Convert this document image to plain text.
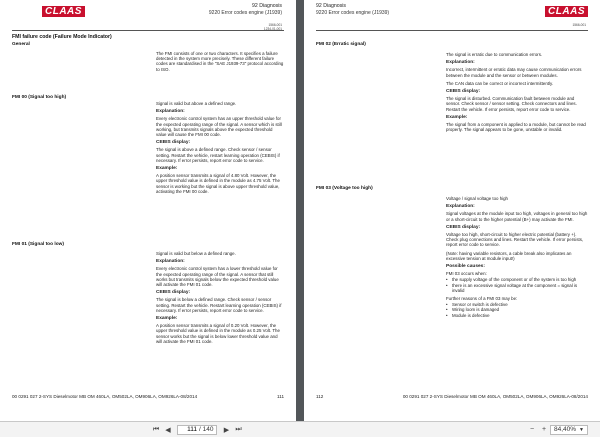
CLAAS	92 Diagnosis
9220 Error codes engine (J1939)
1566-001
1234-01-001
FMI failure code (Failure Mode Indicator)
General

The FMI consists of one or two characters. It specifies a failure detected in the system more precisely. These different failure codes are standardised in the "SAE J1939-73" protocol according to ISO.

FMI 00 (Signal too high)

Signal is valid but above a defined range.

Explanation:

Every electronic control system has an upper threshold value for the expected operating range of the signal. A sensor which is still working, but transmits signals above the expected threshold value will cause the FMI 00 code.

CEBIS display:

The signal is above a defined range. Check sensor / sensor setting. Restart the vehicle, restart learning operation (CEBIS) if necessary. If error persists, report error code to service.

Example:

A position sensor transmits a signal of 4.80 Volt. However, the upper threshold value is defined in the module as 4.75 Volt. The sensor is working but the signal is above upper threshold value, activating the FMI 00 code.

FMI 01 (Signal too low)

Signal is valid but below a defined range.

Explanation:

Every electronic control system has a lower threshold value for the expected operating range of the signal. A sensor that still works but transmits signals below the expected threshold value will activate the FMI 01 code.

CEBIS display:

The signal is below a defined range. Check sensor / sensor setting. Restart the vehicle. Restart learning operation (CEBIS) if necessary. If error persists, report error code to service.

Example:

A position sensor transmits a signal of 0.20 Volt. However, the upper threshold value is defined in the module as 0.25 Volt. The sensor works but the signal is below lower threshold value and will activate the FMI 01 code.

00 0291 027 2-SYS Dieselmotor MB OM 460LA, OM502LA, OM906LA, OM926LA-08/2014	111
92 Diagnosis
9220 Error codes engine (J1939)	CLAAS
1566-001
FMI 02 (Erratic signal)

The signal is erratic due to communication errors.

Explanation:

Incorrect, intermittent or erratic data may cause communication errors between the module and the sensor or between modules.

The CAN data can be correct or incorrect intermittently.

CEBIS display:

The signal is disturbed. Communication fault between module and sensor. Check sensor / sensor setting. Check connectors and lines. Restart the vehicle. If error persists, report error code to service.

Example:

The signal from a component is applied to a module, but cannot be read properly. The signal appears to be gone, unstable or invalid.

FMI 03 (Voltage too high)

Voltage / signal voltage too high

Explanation:

Signal voltages at the module input too high, voltages in general too high or a short-circuit to the higher potential (B+) may activate the FMI.

CEBIS display:

Voltage too high, short-circuit to higher electric potential (battery +). Check plug connections and lines. Restart the vehicle. If error persists, report error code to service.

(Note: having variable resistors, a cable break also implicates an excessive tension at module input!)

Possible causes:

FMI 03 occurs when:

• the supply voltage of the component or of the system is too high
• there is an excessive signal voltage at the component = signal is invalid

Further reasons of a FMI 03 may be:

• Sensor or switch is defective
• Wiring loom is damaged
• Module is defective
112	00 0291 027 2-SYS Dieselmotor MB OM 460LA, OM502LA, OM906LA, OM926LA-08/2014
⏮ ◀
111	/ 140 ▶ ⏭	− + 84,40% ▼
